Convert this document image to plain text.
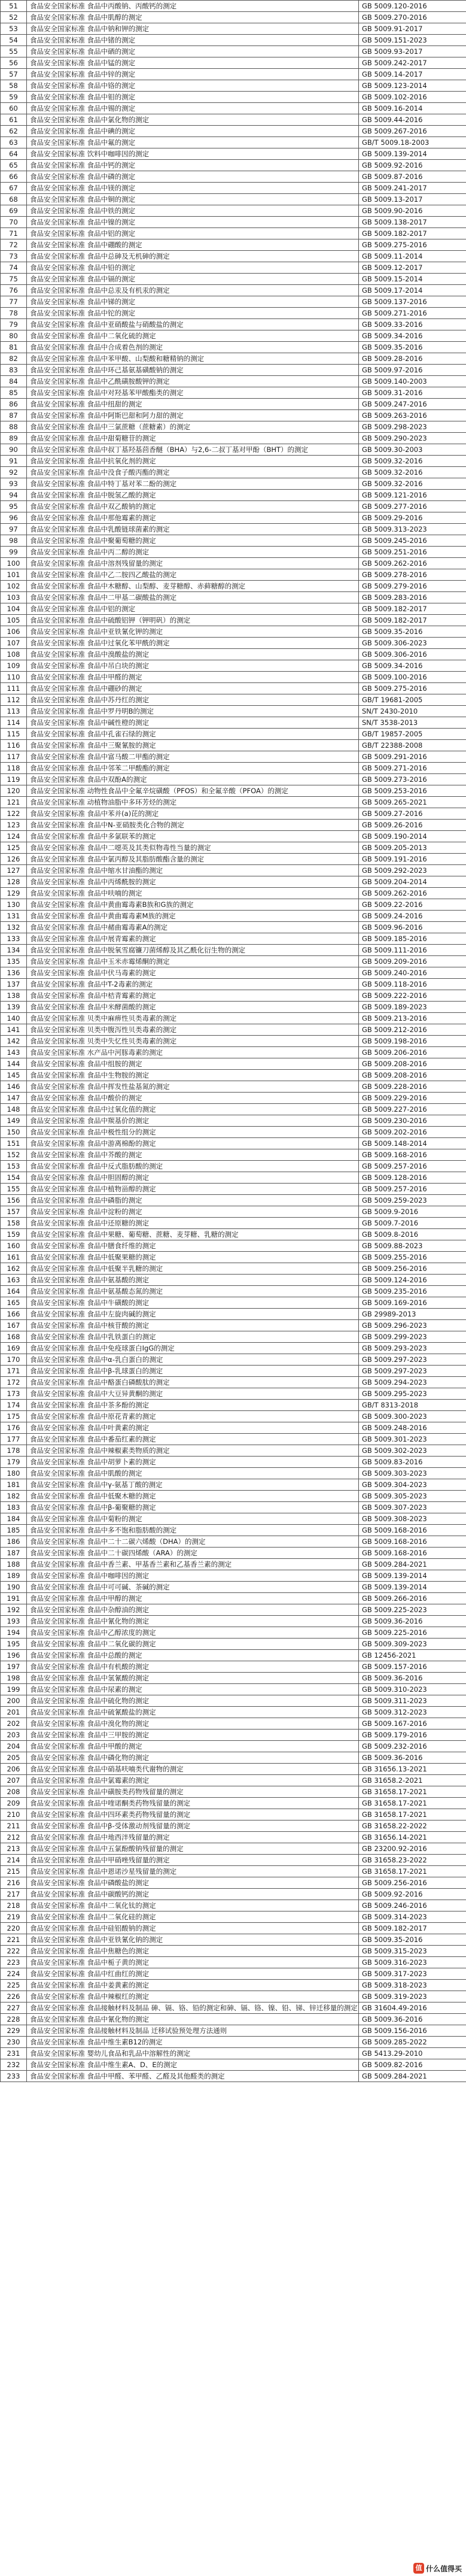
51	食品安全国家标准 食品中丙酸钠、丙酸钙的测定	GB 5009.120-2016
52	食品安全国家标准 食品中肌醇的测定	GB 5009.270-2016
53	食品安全国家标准 食品中钠和钾的测定	GB 5009.91-2017
54	食品安全国家标准 食品中锗的测定	GB 5009.151-2023
55	食品安全国家标准 食品中硒的测定	GB 5009.93-2017
56	食品安全国家标准 食品中锰的测定	GB 5009.242-2017
57	食品安全国家标准 食品中锌的测定	GB 5009.14-2017
58	食品安全国家标准 食品中铬的测定	GB 5009.123-2014
59	食品安全国家标准 食品中钼的测定	GB 5009.102-2016
60	食品安全国家标准 食品中锡的测定	GB 5009.16-2014
61	食品安全国家标准 食品中氯化物的测定	GB 5009.44-2016
62	食品安全国家标准 食品中碘的测定	GB 5009.267-2016
63	食品安全国家标准 食品中氟的测定	GB/T 5009.18-2003
64	食品安全国家标准 饮料中咖啡因的测定	GB 5009.139-2014
65	食品安全国家标准 食品中钙的测定	GB 5009.92-2016
66	食品安全国家标准 食品中磷的测定	GB 5009.87-2016
67	食品安全国家标准 食品中镁的测定	GB 5009.241-2017
68	食品安全国家标准 食品中铜的测定	GB 5009.13-2017
69	食品安全国家标准 食品中铁的测定	GB 5009.90-2016
70	食品安全国家标准 食品中镍的测定	GB 5009.138-2017
71	食品安全国家标准 食品中铝的测定	GB 5009.182-2017
72	食品安全国家标准 食品中硼酸的测定	GB 5009.275-2016
73	食品安全国家标准 食品中总砷及无机砷的测定	GB 5009.11-2014
74	食品安全国家标准 食品中铅的测定	GB 5009.12-2017
75	食品安全国家标准 食品中镉的测定	GB 5009.15-2014
76	食品安全国家标准 食品中总汞及有机汞的测定	GB 5009.17-2014
77	食品安全国家标准 食品中锑的测定	GB 5009.137-2016
78	食品安全国家标准 食品中铊的测定	GB 5009.271-2016
79	食品安全国家标准 食品中亚硝酸盐与硝酸盐的测定	GB 5009.33-2016
80	食品安全国家标准 食品中二氧化硫的测定	GB 5009.34-2016
81	食品安全国家标准 食品中合成着色剂的测定	GB 5009.35-2016
82	食品安全国家标准 食品中苯甲酸、山梨酸和糖精钠的测定	GB 5009.28-2016
83	食品安全国家标准 食品中环己基氨基磺酸钠的测定	GB 5009.97-2016
84	食品安全国家标准 食品中乙酰磺胺酸钾的测定	GB 5009.140-2003
85	食品安全国家标准 食品中对羟基苯甲酸酯类的测定	GB 5009.31-2016
86	食品安全国家标准 食品中纽甜的测定	GB 5009.247-2016
87	食品安全国家标准 食品中阿斯巴甜和阿力甜的测定	GB 5009.263-2016
88	食品安全国家标准 食品中三氯蔗糖（蔗糖素）的测定	GB 5009.298-2023
89	食品安全国家标准 食品中甜菊糖苷的测定	GB 5009.290-2023
90	食品安全国家标准 食品中叔丁基羟基茴香醚（BHA）与2,6-二叔丁基对甲酚（BHT）的测定	GB 5009.30-2003
91	食品安全国家标准 食品中抗氧化剂的测定	GB 5009.32-2016
92	食品安全国家标准 食品中没食子酸丙酯的测定	GB 5009.32-2016
93	食品安全国家标准 食品中特丁基对苯二酚的测定	GB 5009.32-2016
94	食品安全国家标准 食品中脱氢乙酸的测定	GB 5009.121-2016
95	食品安全国家标准 食品中双乙酸钠的测定	GB 5009.277-2016
96	食品安全国家标准 食品中那他霉素的测定	GB 5009.29-2016
97	食品安全国家标准 食品中乳酸链球菌素的测定	GB 5009.313-2023
98	食品安全国家标准 食品中聚葡萄糖的测定	GB 5009.245-2016
99	食品安全国家标准 食品中丙二醇的测定	GB 5009.251-2016
100	食品安全国家标准 食品中溶剂残留量的测定	GB 5009.262-2016
101	食品安全国家标准 食品中乙二胺四乙酸盐的测定	GB 5009.278-2016
102	食品安全国家标准 食品中木糖醇、山梨醇、麦芽糖醇、赤藓糖醇的测定	GB 5009.279-2016
103	食品安全国家标准 食品中二甲基二碳酸盐的测定	GB 5009.283-2016
104	食品安全国家标准 食品中铝的测定	GB 5009.182-2017
105	食品安全国家标准 食品中硫酸铝钾（钾明矾）的测定	GB 5009.182-2017
106	食品安全国家标准 食品中亚铁氰化钾的测定	GB 5009.35-2016
107	食品安全国家标准 食品中过氧化苯甲酰的测定	GB 5009.306-2023
108	食品安全国家标准 食品中溴酸盐的测定	GB 5009.306-2016
109	食品安全国家标准 食品中吊白块的测定	GB 5009.34-2016
110	食品安全国家标准 食品中甲醛的测定	GB 5009.100-2016
111	食品安全国家标准 食品中硼砂的测定	GB 5009.275-2016
112	食品安全国家标准 食品中苏丹红的测定	GB/T 19681-2005
113	食品安全国家标准 食品中罗丹明B的测定	SN/T 2430-2010
114	食品安全国家标准 食品中碱性橙的测定	SN/T 3538-2013
115	食品安全国家标准 食品中孔雀石绿的测定	GB/T 19857-2005
116	食品安全国家标准 食品中三聚氰胺的测定	GB/T 22388-2008
117	食品安全国家标准 食品中富马酸二甲酯的测定	GB 5009.291-2016
118	食品安全国家标准 食品中邻苯二甲酸酯的测定	GB 5009.271-2016
119	食品安全国家标准 食品中双酚A的测定	GB 5009.273-2016
120	食品安全国家标准 动物性食品中全氟辛烷磺酸（PFOS）和全氟辛酸（PFOA）的测定	GB 5009.253-2016
121	食品安全国家标准 动植物油脂中多环芳烃的测定	GB 5009.265-2021
122	食品安全国家标准 食品中苯并(a)芘的测定	GB 5009.27-2016
123	食品安全国家标准 食品中N-亚硝胺类化合物的测定	GB 5009.26-2016
124	食品安全国家标准 食品中多氯联苯的测定	GB 5009.190-2014
125	食品安全国家标准 食品中二噁英及其类似物毒性当量的测定	GB 5009.205-2013
126	食品安全国家标准 食品中氯丙醇及其脂肪酸酯含量的测定	GB 5009.191-2016
127	食品安全国家标准 食品中缩水甘油酯的测定	GB 5009.292-2023
128	食品安全国家标准 食品中丙烯酰胺的测定	GB 5009.204-2014
129	食品安全国家标准 食品中呋喃的测定	GB 5009.262-2016
130	食品安全国家标准 食品中黄曲霉毒素B族和G族的测定	GB 5009.22-2016
131	食品安全国家标准 食品中黄曲霉毒素M族的测定	GB 5009.24-2016
132	食品安全国家标准 食品中赭曲霉毒素A的测定	GB 5009.96-2016
133	食品安全国家标准 食品中展青霉素的测定	GB 5009.185-2016
134	食品安全国家标准 食品中脱氧雪腐镰刀菌烯醇及其乙酰化衍生物的测定	GB 5009.111-2016
135	食品安全国家标准 食品中玉米赤霉烯酮的测定	GB 5009.209-2016
136	食品安全国家标准 食品中伏马毒素的测定	GB 5009.240-2016
137	食品安全国家标准 食品中T-2毒素的测定	GB 5009.118-2016
138	食品安全国家标准 食品中桔青霉素的测定	GB 5009.222-2016
139	食品安全国家标准 食品中米酵菌酸的测定	GB 5009.189-2023
140	食品安全国家标准 贝类中麻痹性贝类毒素的测定	GB 5009.213-2016
141	食品安全国家标准 贝类中腹泻性贝类毒素的测定	GB 5009.212-2016
142	食品安全国家标准 贝类中失忆性贝类毒素的测定	GB 5009.198-2016
143	食品安全国家标准 水产品中河豚毒素的测定	GB 5009.206-2016
144	食品安全国家标准 食品中组胺的测定	GB 5009.208-2016
145	食品安全国家标准 食品中生物胺的测定	GB 5009.208-2016
146	食品安全国家标准 食品中挥发性盐基氮的测定	GB 5009.228-2016
147	食品安全国家标准 食品中酸价的测定	GB 5009.229-2016
148	食品安全国家标准 食品中过氧化值的测定	GB 5009.227-2016
149	食品安全国家标准 食品中羰基价的测定	GB 5009.230-2016
150	食品安全国家标准 食品中极性组分的测定	GB 5009.202-2016
151	食品安全国家标准 食品中游离棉酚的测定	GB 5009.148-2014
152	食品安全国家标准 食品中芥酸的测定	GB 5009.168-2016
153	食品安全国家标准 食品中反式脂肪酸的测定	GB 5009.257-2016
154	食品安全国家标准 食品中胆固醇的测定	GB 5009.128-2016
155	食品安全国家标准 食品中植物甾醇的测定	GB 5009.257-2016
156	食品安全国家标准 食品中磷脂的测定	GB 5009.259-2023
157	食品安全国家标准 食品中淀粉的测定	GB 5009.9-2016
158	食品安全国家标准 食品中还原糖的测定	GB 5009.7-2016
159	食品安全国家标准 食品中果糖、葡萄糖、蔗糖、麦芽糖、乳糖的测定	GB 5009.8-2016
160	食品安全国家标准 食品中膳食纤维的测定	GB 5009.88-2023
161	食品安全国家标准 食品中低聚果糖的测定	GB 5009.255-2016
162	食品安全国家标准 食品中低聚半乳糖的测定	GB 5009.256-2016
163	食品安全国家标准 食品中氨基酸的测定	GB 5009.124-2016
164	食品安全国家标准 食品中氨基酸态氮的测定	GB 5009.235-2016
165	食品安全国家标准 食品中牛磺酸的测定	GB 5009.169-2016
166	食品安全国家标准 食品中左旋肉碱的测定	GB 29989-2013
167	食品安全国家标准 食品中核苷酸的测定	GB 5009.296-2023
168	食品安全国家标准 食品中乳铁蛋白的测定	GB 5009.299-2023
169	食品安全国家标准 食品中免疫球蛋白IgG的测定	GB 5009.293-2023
170	食品安全国家标准 食品中α-乳白蛋白的测定	GB 5009.297-2023
171	食品安全国家标准 食品中β-乳球蛋白的测定	GB 5009.297-2023
172	食品安全国家标准 食品中酪蛋白磷酸肽的测定	GB 5009.294-2023
173	食品安全国家标准 食品中大豆异黄酮的测定	GB 5009.295-2023
174	食品安全国家标准 食品中茶多酚的测定	GB/T 8313-2018
175	食品安全国家标准 食品中原花青素的测定	GB 5009.300-2023
176	食品安全国家标准 食品中叶黄素的测定	GB 5009.248-2016
177	食品安全国家标准 食品中番茄红素的测定	GB 5009.301-2023
178	食品安全国家标准 食品中辣椒素类物质的测定	GB 5009.302-2023
179	食品安全国家标准 食品中胡萝卜素的测定	GB 5009.83-2016
180	食品安全国家标准 食品中肌酸的测定	GB 5009.303-2023
181	食品安全国家标准 食品中γ-氨基丁酸的测定	GB 5009.304-2023
182	食品安全国家标准 食品中低聚木糖的测定	GB 5009.305-2023
183	食品安全国家标准 食品中β-葡聚糖的测定	GB 5009.307-2023
184	食品安全国家标准 食品中菊粉的测定	GB 5009.308-2023
185	食品安全国家标准 食品中多不饱和脂肪酸的测定	GB 5009.168-2016
186	食品安全国家标准 食品中二十二碳六烯酸（DHA）的测定	GB 5009.168-2016
187	食品安全国家标准 食品中二十碳四烯酸（ARA）的测定	GB 5009.168-2016
188	食品安全国家标准 食品中香兰素、甲基香兰素和乙基香兰素的测定	GB 5009.284-2021
189	食品安全国家标准 食品中咖啡因的测定	GB 5009.139-2014
190	食品安全国家标准 食品中可可碱、茶碱的测定	GB 5009.139-2014
191	食品安全国家标准 食品中甲醇的测定	GB 5009.266-2016
192	食品安全国家标准 食品中杂醇油的测定	GB 5009.225-2023
193	食品安全国家标准 食品中氰化物的测定	GB 5009.36-2016
194	食品安全国家标准 食品中乙醇浓度的测定	GB 5009.225-2016
195	食品安全国家标准 食品中二氧化碳的测定	GB 5009.309-2023
196	食品安全国家标准 食品中总酸的测定	GB 12456-2021
197	食品安全国家标准 食品中有机酸的测定	GB 5009.157-2016
198	食品安全国家标准 食品中氢氰酸的测定	GB 5009.36-2016
199	食品安全国家标准 食品中尿素的测定	GB 5009.310-2023
200	食品安全国家标准 食品中硫化物的测定	GB 5009.311-2023
201	食品安全国家标准 食品中硫氰酸盐的测定	GB 5009.312-2023
202	食品安全国家标准 食品中溴化物的测定	GB 5009.167-2016
203	食品安全国家标准 食品中三甲胺的测定	GB 5009.179-2016
204	食品安全国家标准 食品中甲酸的测定	GB 5009.232-2016
205	食品安全国家标准 食品中磷化物的测定	GB 5009.36-2016
206	食品安全国家标准 食品中硝基呋喃类代谢物的测定	GB 31656.13-2021
207	食品安全国家标准 食品中氯霉素的测定	GB 31658.2-2021
208	食品安全国家标准 食品中磺胺类药物残留量的测定	GB 31658.17-2021
209	食品安全国家标准 食品中喹诺酮类药物残留量的测定	GB 31658.17-2021
210	食品安全国家标准 食品中四环素类药物残留量的测定	GB 31658.17-2021
211	食品安全国家标准 食品中β-受体激动剂残留量的测定	GB 31658.22-2022
212	食品安全国家标准 食品中地西泮残留量的测定	GB 31656.14-2021
213	食品安全国家标准 食品中五氯酚酸钠残留量的测定	GB 23200.92-2016
214	食品安全国家标准 食品中甲硝唑残留量的测定	GB 31658.23-2022
215	食品安全国家标准 食品中恩诺沙星残留量的测定	GB 31658.17-2021
216	食品安全国家标准 食品中磷酸盐的测定	GB 5009.256-2016
217	食品安全国家标准 食品中碳酸钙的测定	GB 5009.92-2016
218	食品安全国家标准 食品中二氧化钛的测定	GB 5009.246-2016
219	食品安全国家标准 食品中二氧化硅的测定	GB 5009.314-2023
220	食品安全国家标准 食品中硅铝酸钠的测定	GB 5009.182-2017
221	食品安全国家标准 食品中亚铁氰化钠的测定	GB 5009.35-2016
222	食品安全国家标准 食品中焦糖色的测定	GB 5009.315-2023
223	食品安全国家标准 食品中栀子黄的测定	GB 5009.316-2023
224	食品安全国家标准 食品中红曲红的测定	GB 5009.317-2023
225	食品安全国家标准 食品中姜黄素的测定	GB 5009.318-2023
226	食品安全国家标准 食品中辣椒红的测定	GB 5009.319-2023
227	食品安全国家标准 食品接触材料及制品 砷、镉、铬、铅的测定和砷、镉、铬、镍、铅、锑、锌迁移量的测定	GB 31604.49-2016
228	食品安全国家标准 食品中氰化物的测定	GB 5009.36-2016
229	食品安全国家标准 食品接触材料及制品 迁移试验预处理方法通则	GB 5009.156-2016
230	食品安全国家标准 食品中维生素B12的测定	GB 5009.285-2022
231	食品安全国家标准 婴幼儿食品和乳品中溶解性的测定	GB 5413.29-2010
232	食品安全国家标准 食品中维生素A、D、E的测定	GB 5009.82-2016
233	食品安全国家标准 食品中甲醛、苯甲醛、乙醛及其他醛类的测定	GB 5009.284-2021
值 什么值得买
